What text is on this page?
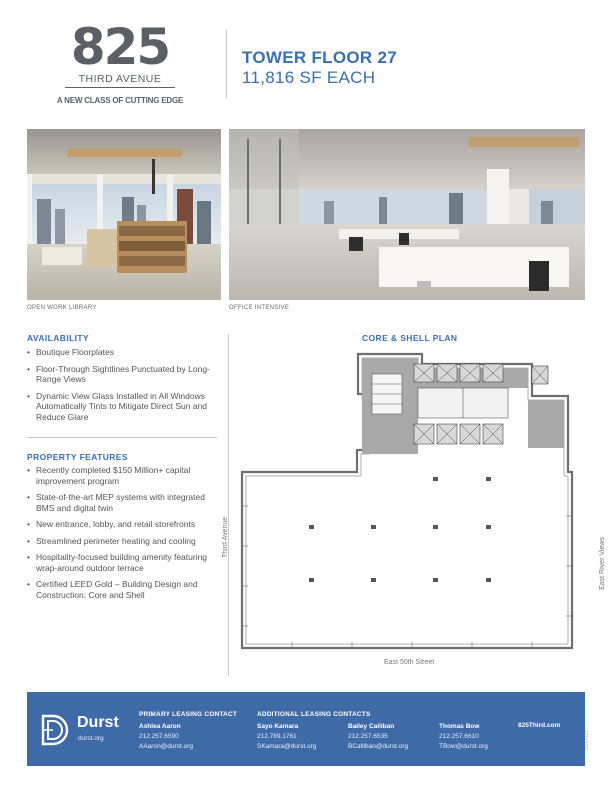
825
THIRD AVENUE
A NEW CLASS OF CUTTING EDGE
TOWER FLOOR 27
11,816 SF EACH
OPEN WORK LIBRARY	OFFICE INTENSIVE
AVAILABILITY
• Boutique Floorplates
• Floor-Through Sightlines Punctuated by Long-Range Views
• Dynamic View Glass Installed in All Windows Automatically Tints to Mitigate Direct Sun and Reduce Glare
PROPERTY FEATURES
• Recently completed $150 Million+ capital improvement program
• State-of-the-art MEP systems with integrated BMS and digital twin
• New entrance, lobby, and retail storefronts
• Streamlined perimeter heating and cooling
• Hospitality-focused building amenity featuring wrap-around outdoor terrace
• Certified LEED Gold – Building Design and Construction: Core and Shell
CORE & SHELL PLAN
East 50th Street
Third Avenue	East River Views
Durst
durst.org
PRIMARY LEASING CONTACT	ADDITIONAL LEASING CONTACTS
Ashlea Aaron
212.257.6590
AAaron@durst.org
Sayo Kamara
212.789.1761
SKamara@durst.org
Bailey Calliban
212.257.6535
BCalliban@durst.org
Thomas Bow
212.257.6610
TBow@durst.org
825Third.com
2024-FL27
